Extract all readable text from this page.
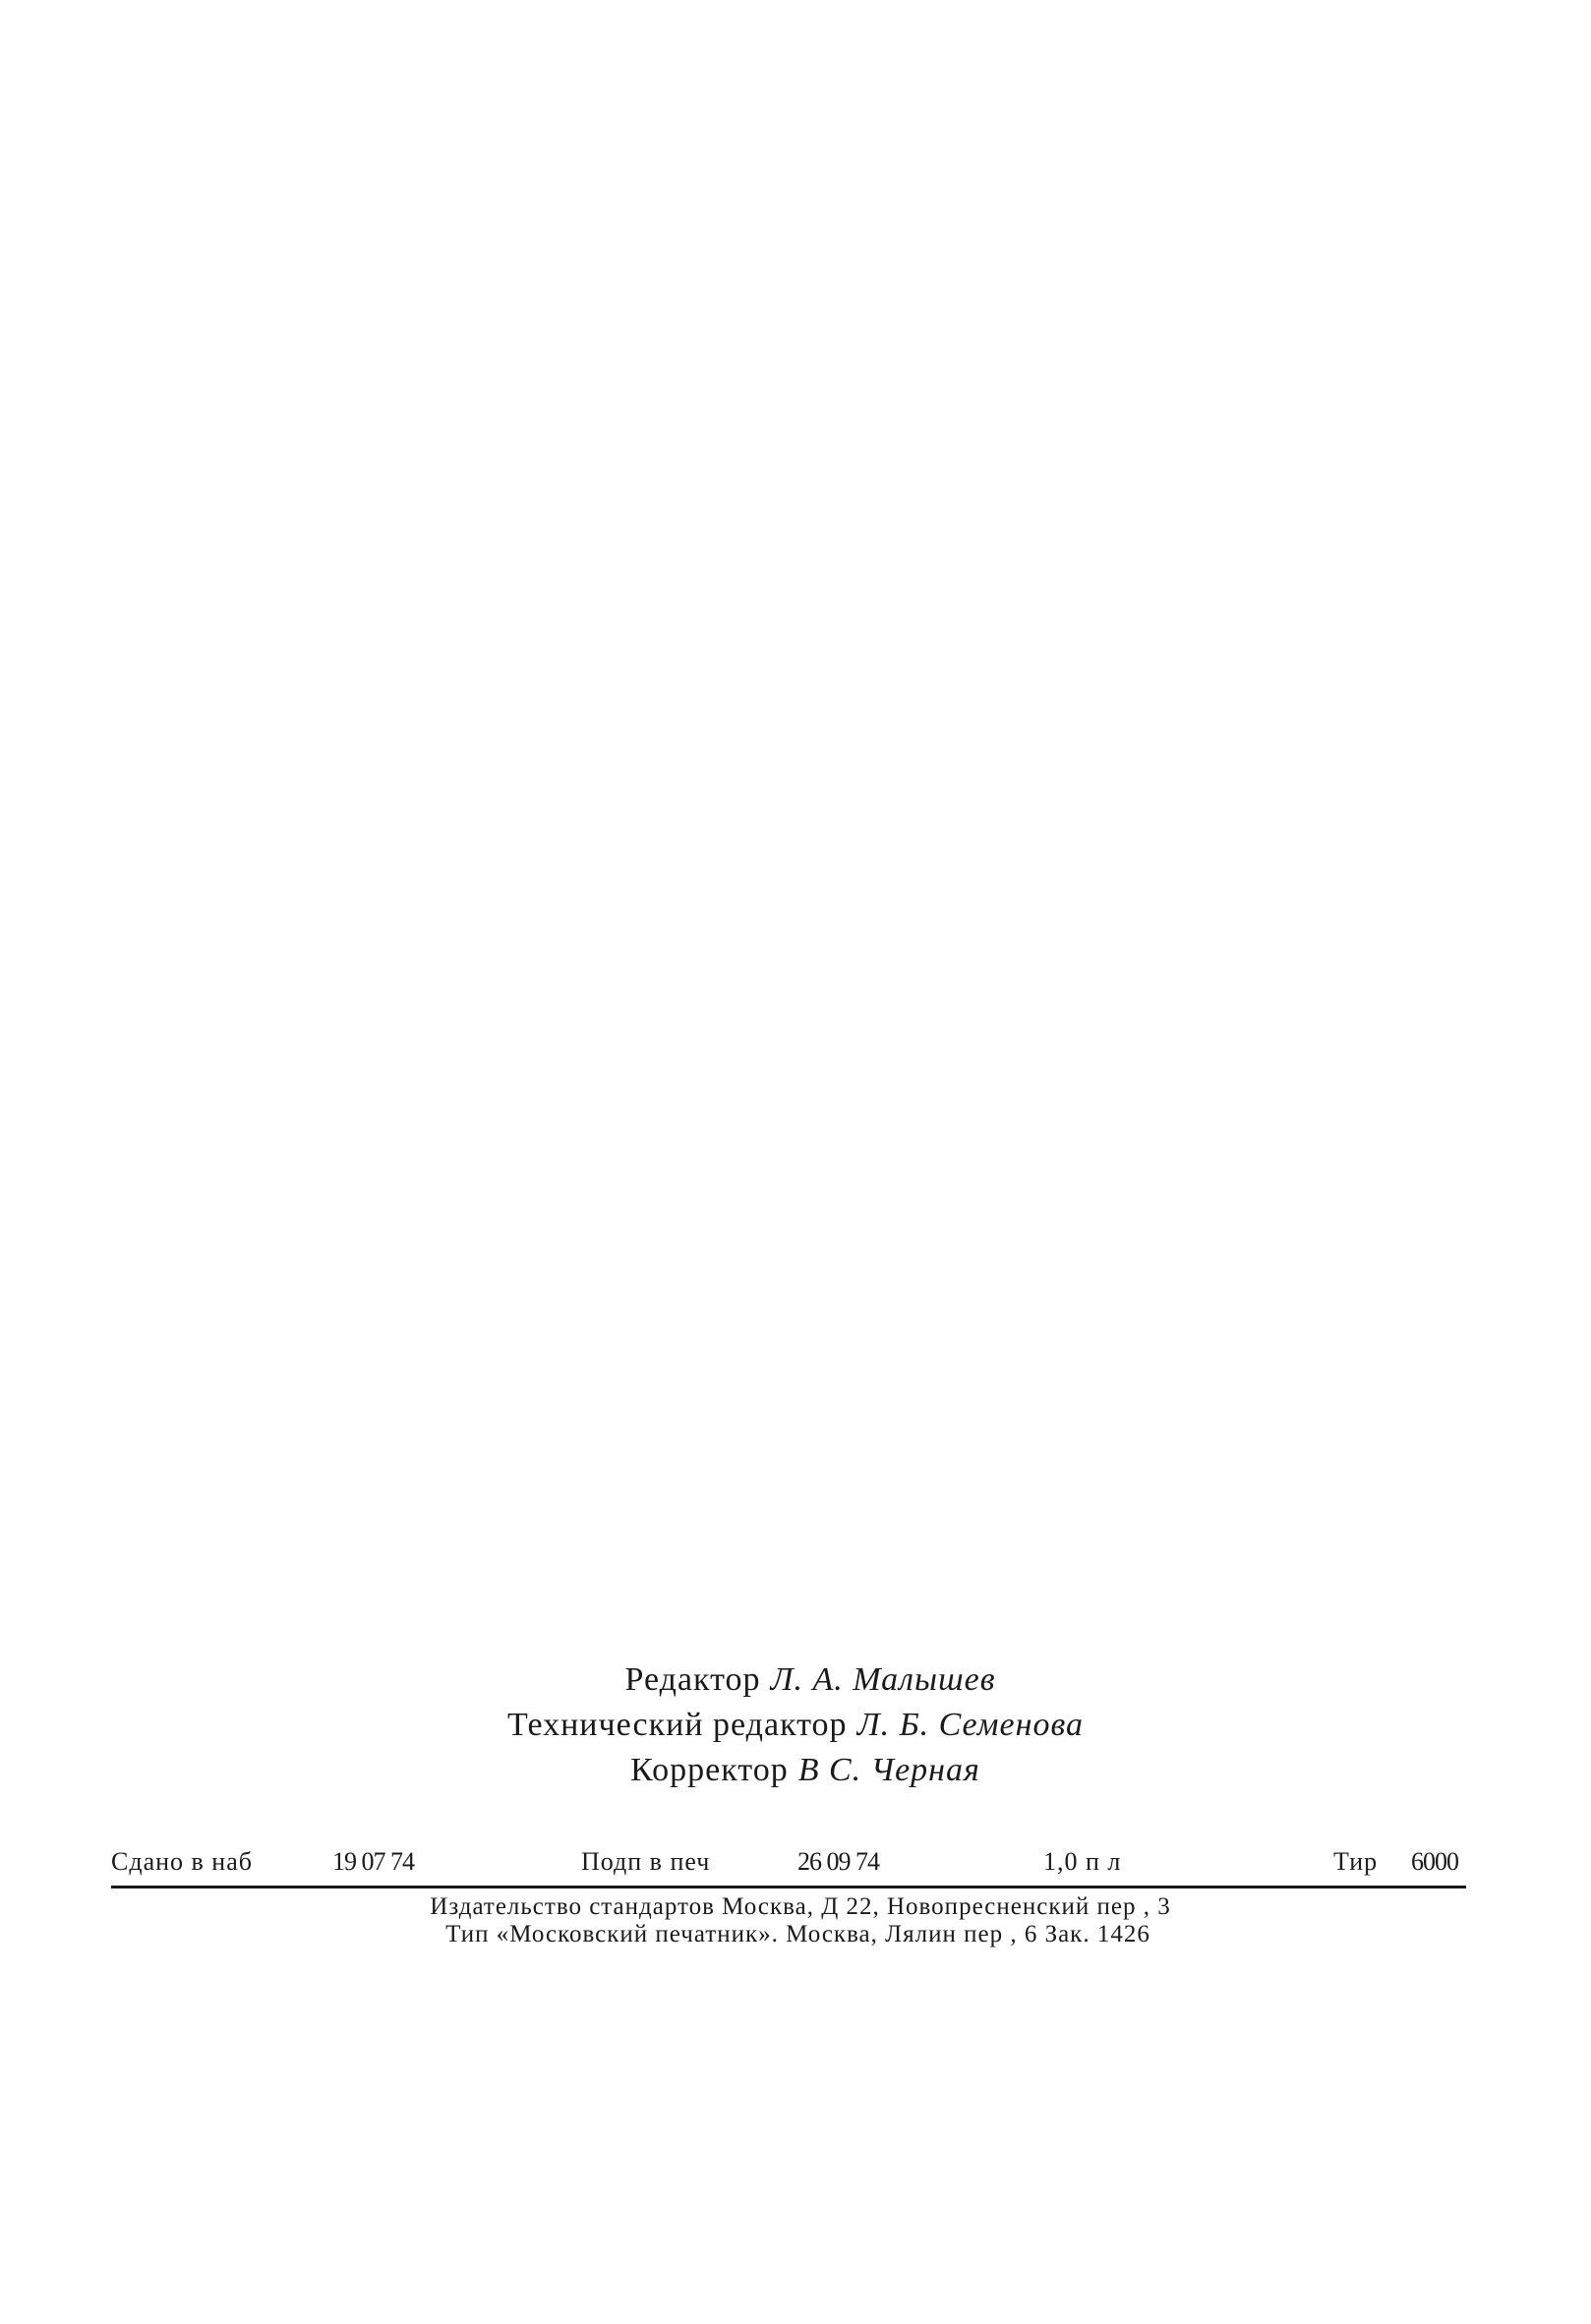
Редактор Л. А. Малышев
Технический редактор Л. Б. Семенова
Корректор В С. Черная
Сдано в наб	19 07 74	Подп в печ	26 09 74	1,0 п л	Тир 6000
Издательство стандартов Москва, Д 22, Новопресненский пер , 3
Тип «Московский печатник». Москва, Лялин пер , 6 Зак. 1426
